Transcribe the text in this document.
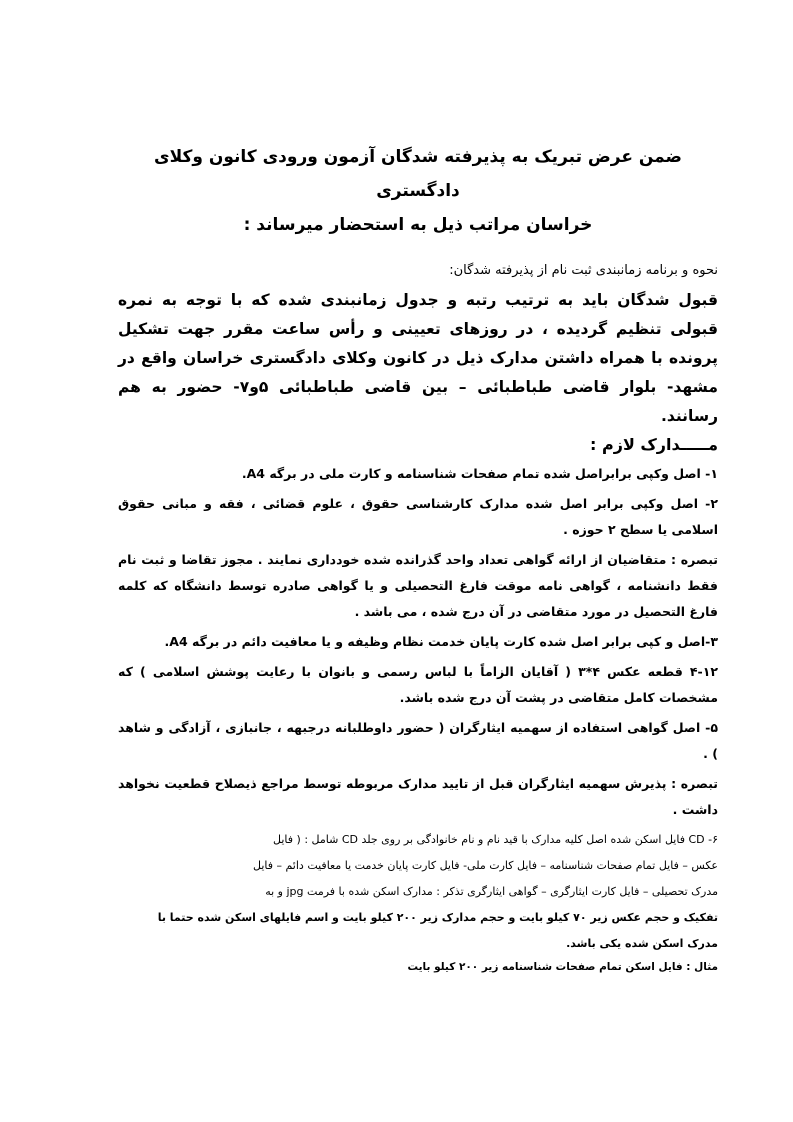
ضمن عرض تبریک به پذیرفته شدگان آزمون ورودی کانون وکلای دادگستری

خراسان مراتب ذیل به استحضار میرساند :

نحوه و برنامه زمانبندی ثبت نام از پذیرفته شدگان:
قبول شدگان باید به ترتیب رتبه و جدول زمانبندی شده که با توجه به نمره قبولی تنظیم گردیده ، در روزهای تعیینی و رأس ساعت مقرر جهت تشکیل پرونده با همراه داشتن مدارک ذیل در کانون وکلای دادگستری خراسان واقع در مشهد- بلوار قاضی طباطبائی – بین قاضی طباطبائی ۵و۷- حضور به هم رسانند.
مـــــدارک لازم :
۱- اصل وکپی برابراصل شده تمام صفحات شناسنامه و کارت ملی در برگه A4.
۲- اصل وکپی برابر اصل شده مدارک کارشناسی حقوق ، علوم قضائی ، فقه و مبانی حقوق اسلامی یا سطح ۲ حوزه .
تبصره : متقاضیان از ارائه گواهی تعداد واحد گذرانده شده خودداری نمایند . مجوز تقاضا و ثبت نام فقط دانشنامه ، گواهی نامه موقت فارغ التحصیلی و یا گواهی صادره توسط دانشگاه که کلمه فارغ التحصیل در مورد متقاضی در آن درج شده ، می باشد .
۳-اصل و کپی برابر اصل شده کارت پایان خدمت نظام وظیفه و یا معافیت دائم در برگه A4.
۴-۱۲ قطعه عکس ۴*۳ ( آقایان الزاماً با لباس رسمی و بانوان با رعایت پوشش اسلامی ) که مشخصات کامل متقاضی در پشت آن درج شده باشد.
۵- اصل گواهی استفاده از سهمیه ایثارگران ( حضور داوطلبانه درجبهه ، جانبازی ، آزادگی و شاهد ) .
تبصره : پذیرش سهمیه ایثارگران قبل از تایید مدارک مربوطه توسط مراجع ذیصلاح قطعیت نخواهد داشت .
۶- CD فایل اسکن شده اصل کلیه مدارک با قید نام و نام خانوادگی بر روی جلد CD شامل : ( فایل
عکس – فایل تمام صفحات شناسنامه – فایل کارت ملی- فایل کارت پایان خدمت یا معافیت دائم – فایل
مدرک تحصیلی – فایل کارت ایثارگری – گواهی ایثارگری تذکر : مدارک اسکن شده با فرمت jpg و به
تفکیک و حجم عکس زیر ۷۰ کیلو بایت و حجم مدارک زیر ۲۰۰ کیلو بایت و اسم فایلهای اسکن شده حتما با
مدرک اسکن شده یکی باشد.
مثال : فایل اسکن تمام صفحات شناسنامه زیر ۲۰۰ کیلو بایت
